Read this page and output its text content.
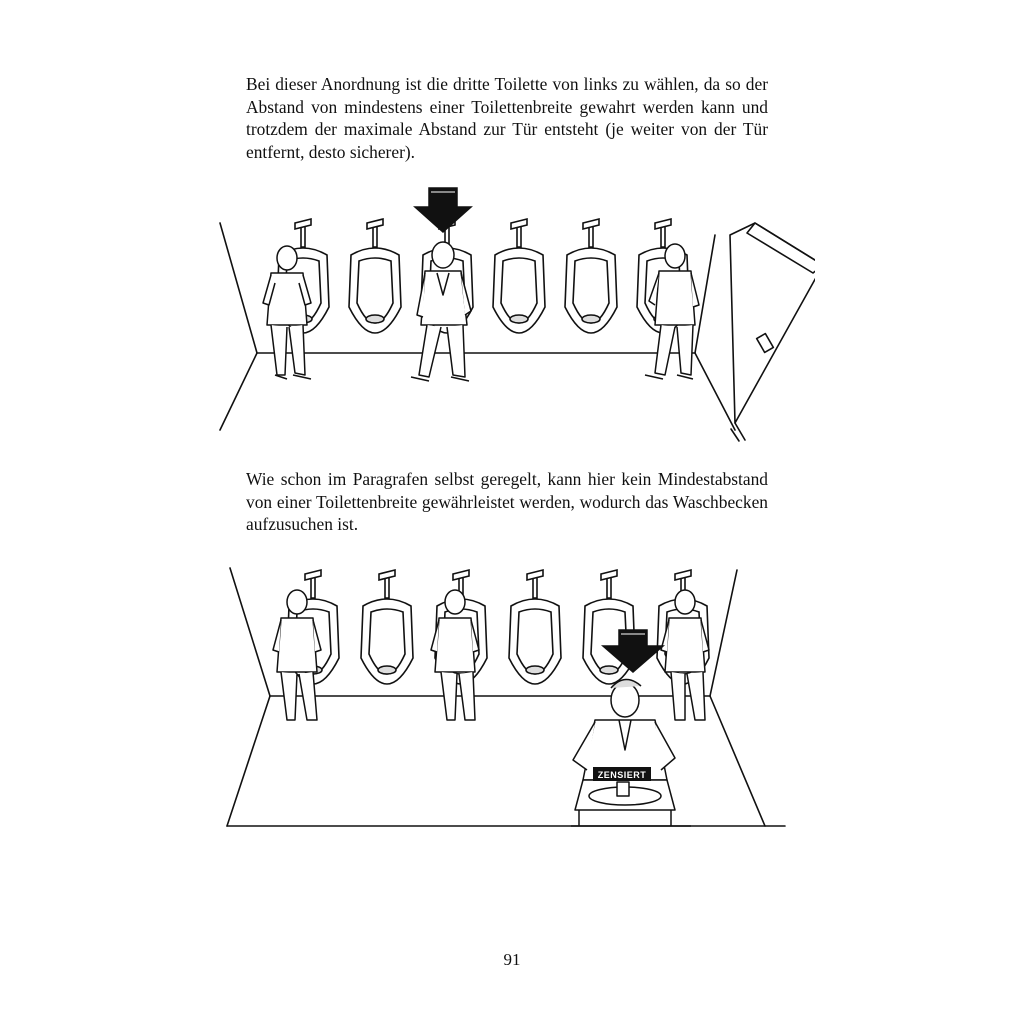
Bei dieser Anordnung ist die dritte Toilette von links zu wählen, da so der Abstand von mindestens einer Toilettenbreite gewahrt werden kann und trotzdem der maximale Abstand zur Tür entsteht (je weiter von der Tür entfernt, desto sicherer).

Wie schon im Paragrafen selbst geregelt, kann hier kein Mindestabstand von einer Toilettenbreite gewährleistet werden, wodurch das Waschbecken aufzusuchen ist.

ZENSIERT
91
